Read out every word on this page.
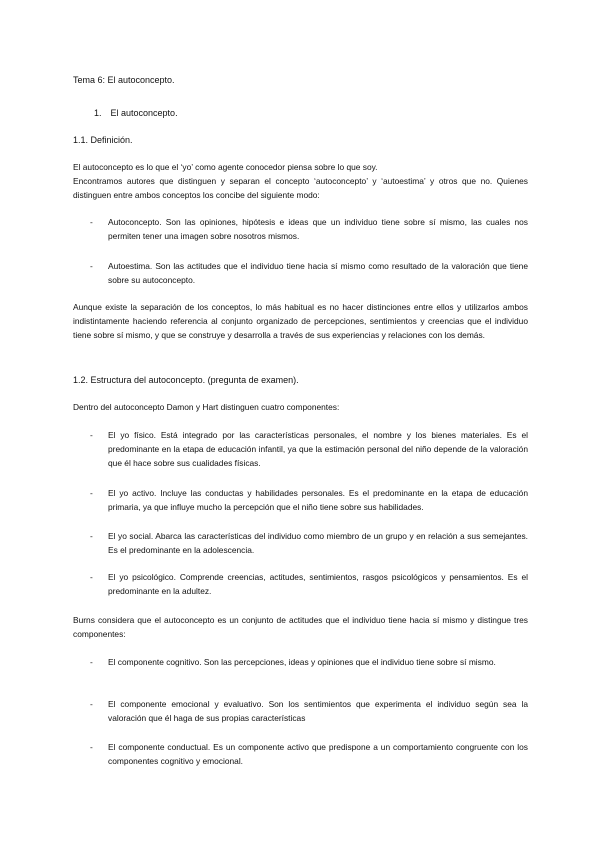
Tema 6: El autoconcepto.
1. El autoconcepto.
1.1. Definición.
El autoconcepto es lo que el ‘yo’ como agente conocedor piensa sobre lo que soy.
Encontramos autores que distinguen y separan el concepto ‘autoconcepto’ y ‘autoestima’ y otros que no. Quienes distinguen entre ambos conceptos los concibe del siguiente modo:
-	Autoconcepto. Son las opiniones, hipótesis e ideas que un individuo tiene sobre sí mismo, las cuales nos permiten tener una imagen sobre nosotros mismos.
-	Autoestima. Son las actitudes que el individuo tiene hacia sí mismo como resultado de la valoración que tiene sobre su autoconcepto.
Aunque existe la separación de los conceptos, lo más habitual es no hacer distinciones entre ellos y utilizarlos ambos indistintamente haciendo referencia al conjunto organizado de percepciones, sentimientos y creencias que el individuo tiene sobre sí mismo, y que se construye y desarrolla a través de sus experiencias y relaciones con los demás.
1.2. Estructura del autoconcepto. (pregunta de examen).
Dentro del autoconcepto Damon y Hart distinguen cuatro componentes:
-	El yo físico. Está integrado por las características personales, el nombre y los bienes materiales. Es el predominante en la etapa de educación infantil, ya que la estimación personal del niño depende de la valoración que él hace sobre sus cualidades físicas.
-	El yo activo. Incluye las conductas y habilidades personales. Es el predominante en la etapa de educación primaria, ya que influye mucho la percepción que el niño tiene sobre sus habilidades.
-	El yo social. Abarca las características del individuo como miembro de un grupo y en relación a sus semejantes. Es el predominante en la adolescencia.
-	El yo psicológico. Comprende creencias, actitudes, sentimientos, rasgos psicológicos y pensamientos. Es el predominante en la adultez.
Burns considera que el autoconcepto es un conjunto de actitudes que el individuo tiene hacia sí mismo y distingue tres componentes:
-	El componente cognitivo. Son las percepciones, ideas y opiniones que el individuo tiene sobre sí mismo.
-	El componente emocional y evaluativo. Son los sentimientos que experimenta el individuo según sea la valoración que él haga de sus propias características
-	El componente conductual. Es un componente activo que predispone a un comportamiento congruente con los componentes cognitivo y emocional.
